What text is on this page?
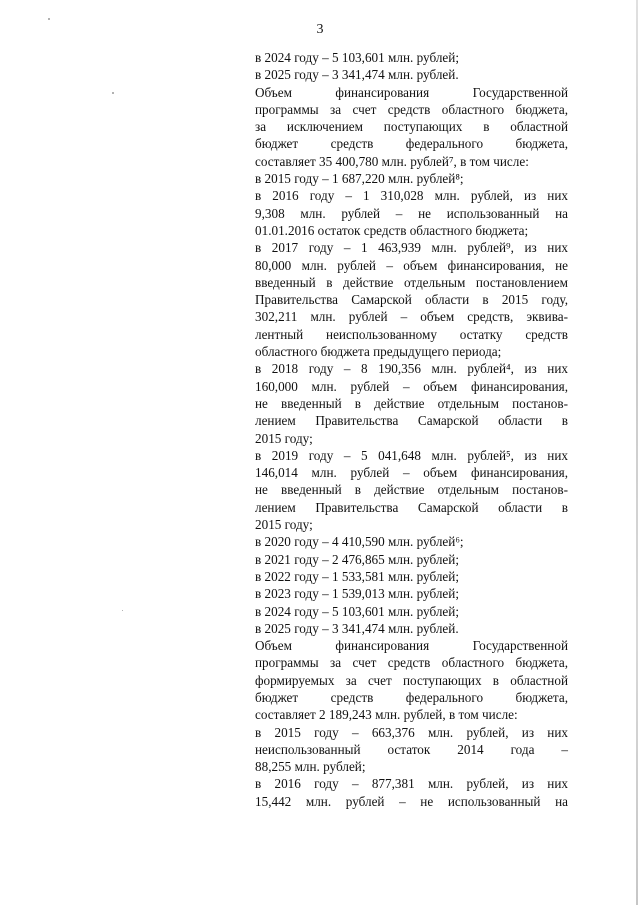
3
в 2024 году – 5 103,601 млн. рублей;
в 2025 году – 3 341,474 млн. рублей.
Объем финансирования Государственной
программы за счет средств областного бюджета,
за исключением поступающих в областной
бюджет средств федерального бюджета,
составляет 35 400,780 млн. рублей⁷, в том числе:
в 2015 году – 1 687,220 млн. рублей⁸;
в 2016 году – 1 310,028 млн. рублей, из них
9,308 млн. рублей – не использованный на
01.01.2016 остаток средств областного бюджета;
в 2017 году – 1 463,939 млн. рублей⁹, из них
80,000 млн. рублей – объем финансирования, не
введенный в действие отдельным постановлением
Правительства Самарской области в 2015 году,
302,211 млн. рублей – объем средств, эквива-
лентный неиспользованному остатку средств
областного бюджета предыдущего периода;
в 2018 году – 8 190,356 млн. рублей⁴, из них
160,000 млн. рублей – объем финансирования,
не введенный в действие отдельным постанов-
лением Правительства Самарской области в
2015 году;
в 2019 году – 5 041,648 млн. рублей⁵, из них
146,014 млн. рублей – объем финансирования,
не введенный в действие отдельным постанов-
лением Правительства Самарской области в
2015 году;
в 2020 году – 4 410,590 млн. рублей⁶;
в 2021 году – 2 476,865 млн. рублей;
в 2022 году – 1 533,581 млн. рублей;
в 2023 году – 1 539,013 млн. рублей;
в 2024 году – 5 103,601 млн. рублей;
в 2025 году – 3 341,474 млн. рублей.
Объем финансирования Государственной
программы за счет средств областного бюджета,
формируемых за счет поступающих в областной
бюджет средств федерального бюджета,
составляет 2 189,243 млн. рублей, в том числе:
в 2015 году – 663,376 млн. рублей, из них
неиспользованный остаток 2014 года –
88,255 млн. рублей;
в 2016 году – 877,381 млн. рублей, из них
15,442 млн. рублей – не использованный на
